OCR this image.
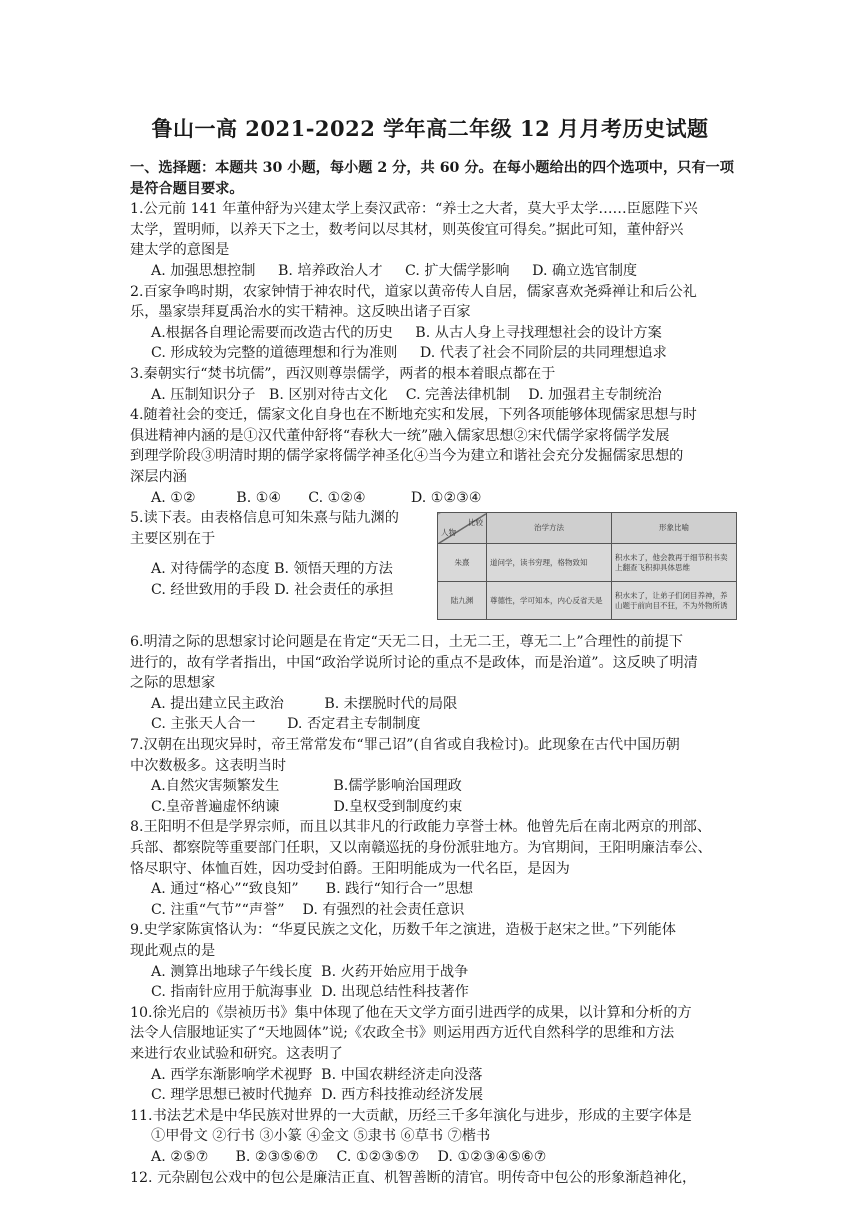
鲁山一高 2021-2022 学年高二年级 12 月月考历史试题

一、选择题：本题共 30 小题，每小题 2 分，共 60 分。在每小题给出的四个选项中，只有一项是符合题目要求。

1.公元前 141 年董仲舒为兴建太学上奏汉武帝：“养士之大者，莫大乎太学……臣愿陛下兴

太学，置明师，以养天下之士，数考问以尽其材，则英俊宜可得矣。”据此可知，董仲舒兴

建太学的意图是

A. 加强思想控制     B. 培养政治人才     C. 扩大儒学影响     D. 确立选官制度

2.百家争鸣时期，农家钟情于神农时代，道家以黄帝传人自居，儒家喜欢尧舜禅让和后公礼

乐，墨家崇拜夏禹治水的实干精神。这反映出诸子百家

A.根据各自理论需要而改造古代的历史     B. 从古人身上寻找理想社会的设计方案

C. 形成较为完整的道德理想和行为准则     D. 代表了社会不同阶层的共同理想追求

3.秦朝实行“焚书坑儒”，西汉则尊崇儒学，两者的根本着眼点都在于

A. 压制知识分子   B. 区别对待古文化    C. 完善法律机制    D. 加强君主专制统治

4.随着社会的变迁，儒家文化自身也在不断地充实和发展，下列各项能够体现儒家思想与时

俱进精神内涵的是①汉代董仲舒将“春秋大一统”融入儒家思想②宋代儒学家将儒学发展

到理学阶段③明清时期的儒学家将儒学神圣化④当今为建立和谐社会充分发掘儒家思想的

深层内涵

A. ①②         B. ①④      C. ①②④          D. ①②③④

5.读下表。由表格信息可知朱熹与陆九渊的

主要区别在于

A. 对待儒学的态度 B. 领悟天理的方法

C. 经世致用的手段 D. 社会责任的承担

比较
人物	治学方法	形象比喻
朱熹	道问学，读书穷理，格物致知	积水未了，他会教再于细节积书卖上翻查飞积抑具体思维
陆九渊	尊德性，学可知本，内心反省天是	积水未了，让弟子们闭目养神，养山题于前向目不狂，不为外物所诱

6.明清之际的思想家讨论问题是在肯定“天无二日，土无二王，尊无二上”合理性的前提下

进行的，故有学者指出，中国“政治学说所讨论的重点不是政体，而是治道”。这反映了明清

之际的思想家

A. 提出建立民主政治         B. 未摆脱时代的局限

C. 主张天人合一       D. 否定君主专制制度

7.汉朝在出现灾异时，帝王常常发布“罪己诏”(自省或自我检讨)。此现象在古代中国历朝

中次数极多。这表明当时

A.自然灾害频繁发生            B.儒学影响治国理政

C.皇帝普遍虚怀纳谏            D.皇权受到制度约束

8.王阳明不但是学界宗师，而且以其非凡的行政能力享誉士林。他曾先后在南北两京的刑部、

兵部、都察院等重要部门任职，又以南赣巡抚的身份派驻地方。为官期间，王阳明廉洁奉公、

恪尽职守、体恤百姓，因功受封伯爵。王阳明能成为一代名臣，是因为

A. 通过“格心”“致良知”      B. 践行“知行合一”思想

C. 注重“气节”“声誉”    D. 有强烈的社会责任意识

9.史学家陈寅恪认为：“华夏民族之文化，历数千年之演进，造极于赵宋之世。”下列能体

现此观点的是

A. 测算出地球子午线长度  B. 火药开始应用于战争

C. 指南针应用于航海事业  D. 出现总结性科技著作

10.徐光启的《崇祯历书》集中体现了他在天文学方面引进西学的成果，以计算和分析的方

法令人信服地证实了“天地圆体”说;《农政全书》则运用西方近代自然科学的思维和方法

来进行农业试验和研究。这表明了

A. 西学东渐影响学术视野  B. 中国农耕经济走向没落

C. 理学思想已被时代抛弃  D. 西方科技推动经济发展

11.书法艺术是中华民族对世界的一大贡献，历经三千多年演化与进步，形成的主要字体是

①甲骨文 ②行书 ③小篆 ④金文 ⑤隶书 ⑥草书 ⑦楷书

A. ②⑤⑦      B. ②③⑤⑥⑦    C. ①②③⑤⑦    D. ①②③④⑤⑥⑦

12. 元杂剧包公戏中的包公是廉洁正直、机智善断的清官。明传奇中包公的形象渐趋神化，
